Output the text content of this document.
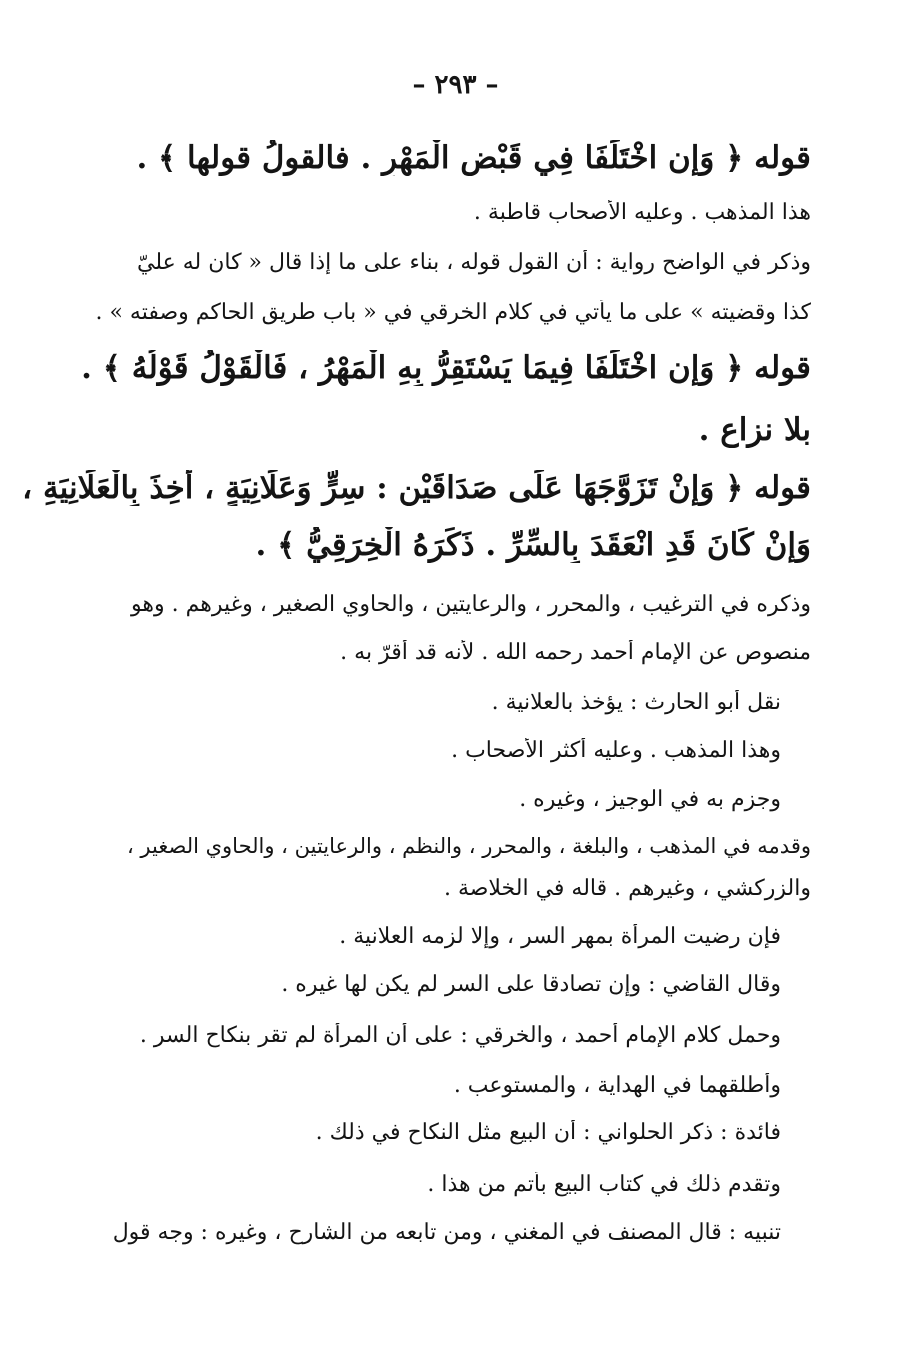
– ٢٩٣ –
قوله ﴿ وَإِن اخْتَلَفَا فِي قَبْضِ الْمَهْرِ . فالقولُ قولها ﴾ .
هذا المذهب . وعليه الأصحاب قاطبة .
وذكر في الواضح رواية : أن القول قوله ، بناء على ما إذا قال « كان له عليّ
كذا وقضيته » على ما يأتي في كلام الخرقي في « باب طريق الحاكم وصفته » .
قوله ﴿ وَإِن اخْتَلَفَا فِيمَا يَسْتَقِرُّ بِهِ الْمَهْرُ ، فَالْقَوْلُ قَوْلُهُ ﴾ .
بلا نزاع .
قوله ﴿ وَإِنْ تَزَوَّجَهَا عَلَى صَدَاقَيْنِ : سِرٍّ وَعَلَانِيَةٍ ، أُخِذَ بِالْعَلَانِيَةِ ،
وَإِنْ كَانَ قَدِ انْعَقَدَ بِالسِّرِّ . ذَكَرَهُ الْخِرَقِيُّ ﴾ .
وذكره في الترغيب ، والمحرر ، والرعايتين ، والحاوي الصغير ، وغيرهم . وهو
منصوص عن الإمام أحمد رحمه الله . لأنه قد أقرّ به .
نقل أبو الحارث : يؤخذ بالعلانية .
وهذا المذهب . وعليه أكثر الأصحاب .
وجزم به في الوجيز ، وغيره .
وقدمه في المذهب ، والبلغة ، والمحرر ، والنظم ، والرعايتين ، والحاوي الصغير ،
والزركشي ، وغيرهم . قاله في الخلاصة .
فإن رضيت المرأة بمهر السر ، وإلا لزمه العلانية .
وقال القاضي : وإن تصادقا على السر لم يكن لها غيره .
وحمل كلام الإمام أحمد ، والخرقي : على أن المرأة لم تقر بنكاح السر .
وأطلقهما في الهداية ، والمستوعب .
فائدة : ذكر الحلواني : أن البيع مثل النكاح في ذلك .
وتقدم ذلك في كتاب البيع بأتم من هذا .
تنبيه : قال المصنف في المغني ، ومن تابعه من الشارح ، وغيره : وجه قول
